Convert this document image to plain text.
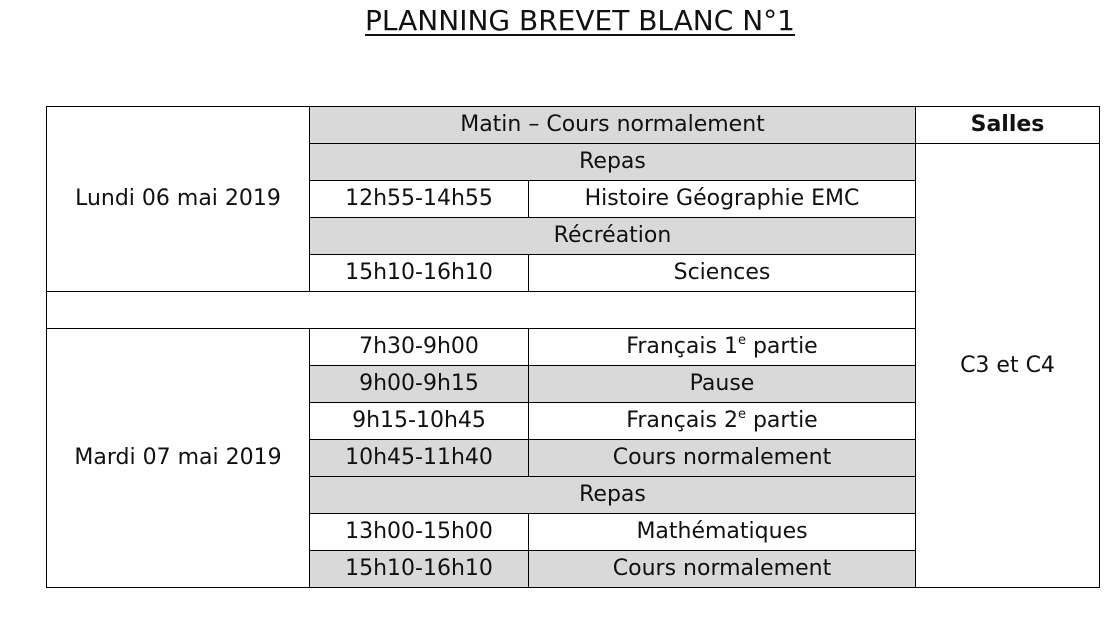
PLANNING BREVET BLANC N°1
Lundi 06 mai 2019	Matin – Cours normalement		Salles
	Repas		C3 et C4
	12h55-14h55	Histoire Géographie EMC	
	Récréation		
	15h10-16h10	Sciences	

Mardi 07 mai 2019	7h30-9h00	Français 1e partie	
	9h00-9h15	Pause	
	9h15-10h45	Français 2e partie	
	10h45-11h40	Cours normalement	
	Repas		
	13h00-15h00	Mathématiques	
	15h10-16h10	Cours normalement	
